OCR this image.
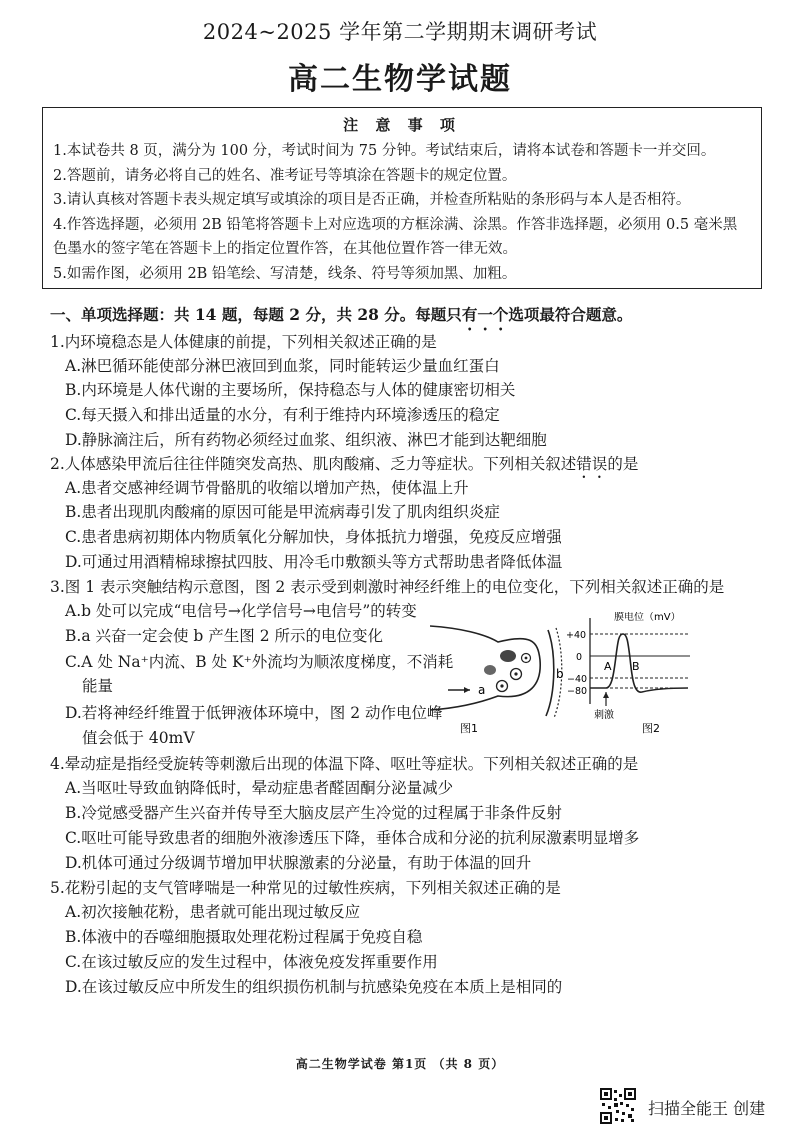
2024~2025 学年第二学期期末调研考试
高二生物学试题
注 意 事 项
1.本试卷共 8 页，满分为 100 分，考试时间为 75 分钟。考试结束后，请将本试卷和答题卡一并交回。
2.答题前，请务必将自己的姓名、准考证号等填涂在答题卡的规定位置。
3.请认真核对答题卡表头规定填写或填涂的项目是否正确，并检查所粘贴的条形码与本人是否相符。
4.作答选择题，必须用 2B 铅笔将答题卡上对应选项的方框涂满、涂黑。作答非选择题，必须用 0.5 毫米黑
色墨水的签字笔在答题卡上的指定位置作答，在其他位置作答一律无效。
5.如需作图，必须用 2B 铅笔绘、写清楚，线条、符号等须加黑、加粗。
一、单项选择题：共 14 题，每题 2 分，共 28 分。每题只有一个选项最符合题意。
1.内环境稳态是人体健康的前提，下列相关叙述正确的是
A.淋巴循环能使部分淋巴液回到血浆，同时能转运少量血红蛋白
B.内环境是人体代谢的主要场所，保持稳态与人体的健康密切相关
C.每天摄入和排出适量的水分，有利于维持内环境渗透压的稳定
D.静脉滴注后，所有药物必须经过血浆、组织液、淋巴才能到达靶细胞
2.人体感染甲流后往往伴随突发高热、肌肉酸痛、乏力等症状。下列相关叙述错误的是
A.患者交感神经调节骨骼肌的收缩以增加产热，使体温上升
B.患者出现肌肉酸痛的原因可能是甲流病毒引发了肌肉组织炎症
C.患者患病初期体内物质氧化分解加快，身体抵抗力增强，免疫反应增强
D.可通过用酒精棉球擦拭四肢、用冷毛巾敷额头等方式帮助患者降低体温
3.图 1 表示突触结构示意图，图 2 表示受到刺激时神经纤维上的电位变化，下列相关叙述正确的是
A.b 处可以完成“电信号→化学信号→电信号”的转变
B.a 兴奋一定会使 b 产生图 2 所示的电位变化
C.A 处 Na⁺内流、B 处 K⁺外流均为顺浓度梯度，不消耗
能量
D.若将神经纤维置于低钾液体环境中，图 2 动作电位峰
值会低于 40mV
a
b
图1
膜电位（mV）
+40
0
−40
−80
A B
刺激
图2
4.晕动症是指经受旋转等刺激后出现的体温下降、呕吐等症状。下列相关叙述正确的是
A.当呕吐导致血钠降低时，晕动症患者醛固酮分泌量减少
B.冷觉感受器产生兴奋并传导至大脑皮层产生冷觉的过程属于非条件反射
C.呕吐可能导致患者的细胞外液渗透压下降，垂体合成和分泌的抗利尿激素明显增多
D.机体可通过分级调节增加甲状腺激素的分泌量，有助于体温的回升
5.花粉引起的支气管哮喘是一种常见的过敏性疾病，下列相关叙述正确的是
A.初次接触花粉，患者就可能出现过敏反应
B.体液中的吞噬细胞摄取处理花粉过程属于免疫自稳
C.在该过敏反应的发生过程中，体液免疫发挥重要作用
D.在该过敏反应中所发生的组织损伤机制与抗感染免疫在本质上是相同的
高二生物学试卷 第1页 （共 8 页）
扫描全能王 创建
